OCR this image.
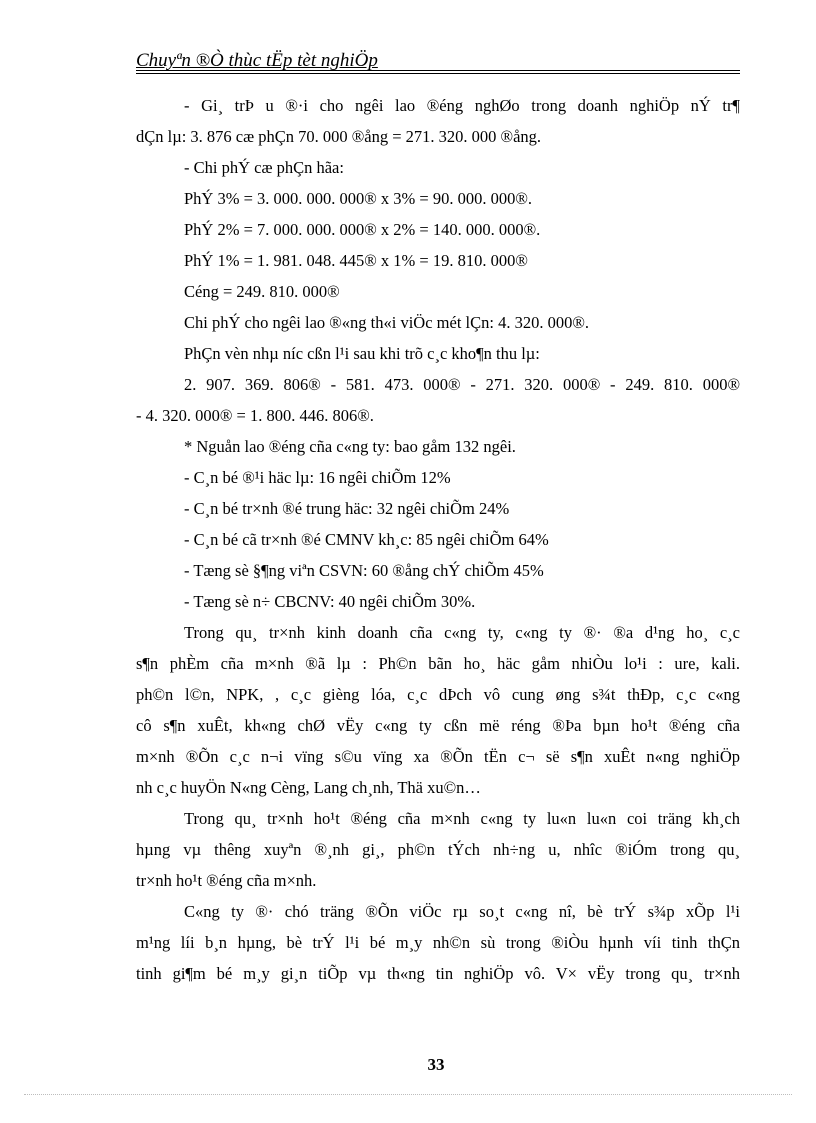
Chuyªn ®Ò thùc tËp tèt nghiÖp
- Gi¸ trÞ u ®·i cho ngêi lao ®éng nghØo trong doanh nghiÖp nÝ tr¶
dÇn lµ: 3. 876 cæ phÇn 70. 000 ®ång = 271. 320. 000 ®ång.
- Chi phÝ cæ phÇn hãa:
PhÝ 3% = 3. 000. 000. 000® x 3% = 90. 000. 000®.
PhÝ 2% = 7. 000. 000. 000® x 2% = 140. 000. 000®.
PhÝ 1% = 1. 981. 048. 445® x 1% = 19. 810. 000®
Céng = 249. 810. 000®
Chi phÝ cho ngêi lao ®«ng th«i viÖc mét lÇn: 4. 320. 000®.
PhÇn vèn nhµ níc cßn l¹i sau khi trõ c¸c kho¶n thu lµ:
2. 907. 369. 806® - 581. 473. 000® - 271. 320. 000® - 249. 810. 000®
- 4. 320. 000® = 1. 800. 446. 806®.
* Nguån lao ®éng cña c«ng ty: bao gåm 132 ngêi.
- C¸n bé ®¹i häc lµ: 16 ngêi chiÕm 12%
- C¸n bé tr×nh ®é trung häc: 32 ngêi chiÕm 24%
- C¸n bé cã tr×nh ®é CMNV kh¸c: 85 ngêi chiÕm 64%
- Tæng sè §¶ng viªn CSVN: 60 ®ång chÝ chiÕm 45%
- Tæng sè n÷ CBCNV: 40 ngêi chiÕm 30%.
Trong qu¸ tr×nh kinh doanh cña c«ng ty, c«ng ty ®· ®a d¹ng ho¸ c¸c
s¶n phÈm cña m×nh ®ã lµ : Ph©n bãn ho¸ häc gåm nhiÒu lo¹i : ure, kali.
ph©n l©n, NPK, , c¸c gièng lóa, c¸c dÞch vô cung øng s¾t thÐp, c¸c c«ng
cô s¶n xuÊt, kh«ng chØ vËy c«ng ty cßn më réng ®Þa bµn ho¹t ®éng cña
m×nh ®Õn c¸c n¬i vïng s©u vïng xa ®Õn tËn c¬ së s¶n xuÊt n«ng nghiÖp
nh c¸c huyÖn N«ng Cèng, Lang ch¸nh, Thä xu©n…
Trong qu¸ tr×nh ho¹t ®éng cña m×nh c«ng ty lu«n lu«n coi träng kh¸ch
hµng vµ thêng xuyªn ®¸nh gi¸, ph©n tÝch nh÷ng u, nhîc ®iÓm trong qu¸
tr×nh ho¹t ®éng cña m×nh.
C«ng ty ®· chó träng ®Õn viÖc rµ so¸t c«ng nî, bè trÝ s¾p xÕp l¹i
m¹ng líi b¸n hµng, bè trÝ l¹i bé m¸y nh©n sù trong ®iÒu hµnh víi tinh thÇn
tinh gi¶m bé m¸y gi¸n tiÕp vµ th«ng tin nghiÖp vô. V× vËy trong qu¸ tr×nh
33
